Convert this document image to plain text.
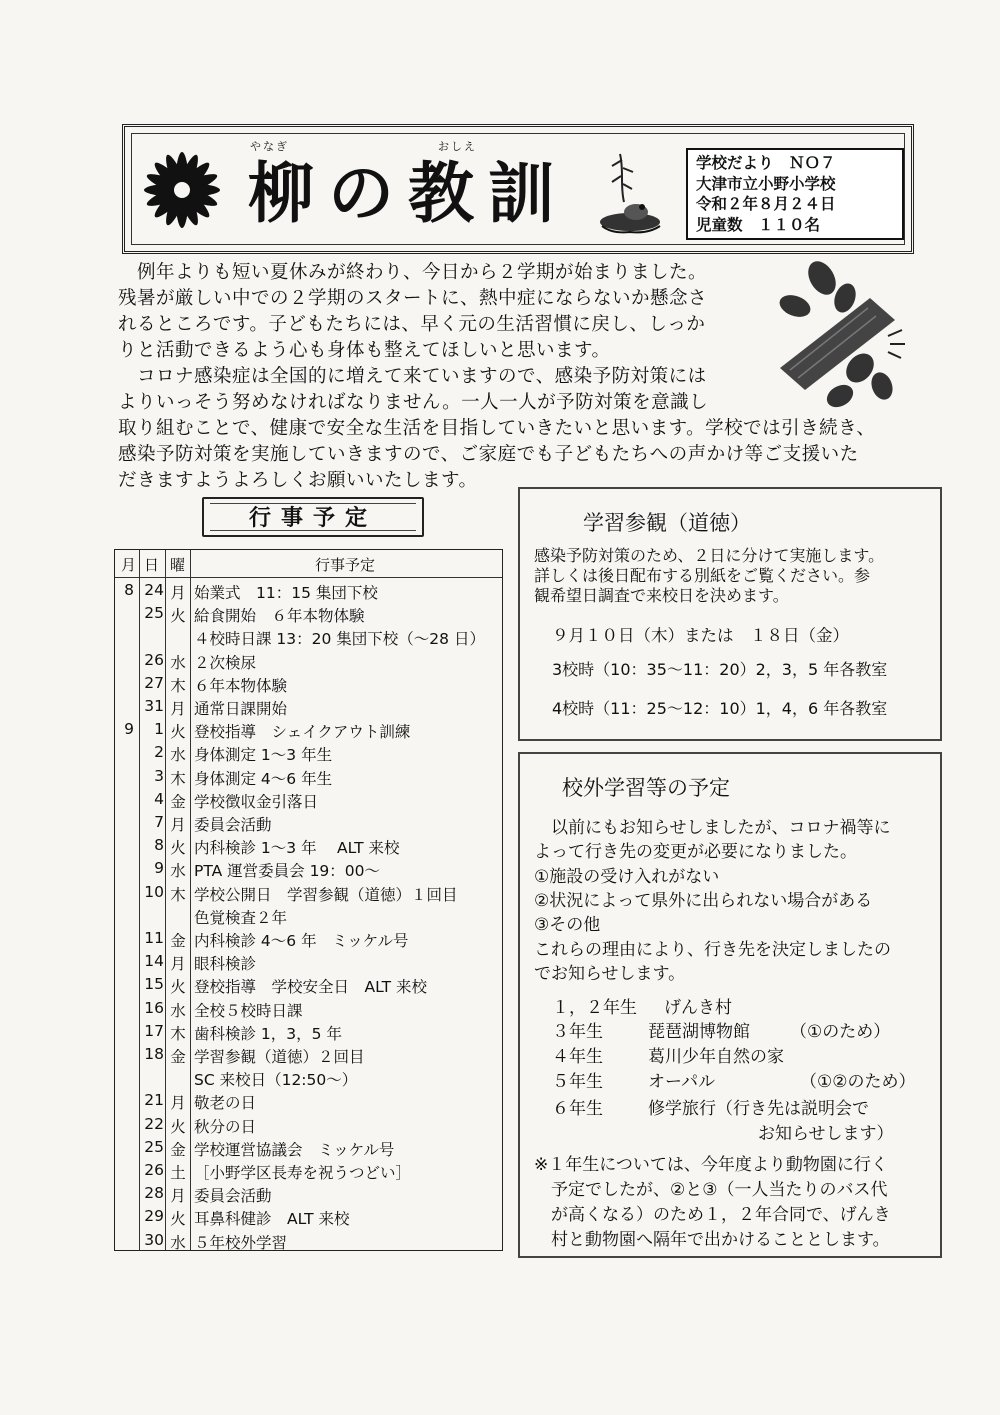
やなぎ	おしえ
柳の教訓	学校だより　ＮＯ７
大津市立小野小学校
令和２年８月２４日
児童数　１１０名
　例年よりも短い夏休みが終わり、今日から２学期が始まりました。
残暑が厳しい中での２学期のスタートに、熱中症にならないか懸念さ
れるところです。子どもたちには、早く元の生活習慣に戻し、しっか
りと活動できるよう心も身体も整えてほしいと思います。
　コロナ感染症は全国的に増えて来ていますので、感染予防対策には
よりいっそう努めなければなりません。一人一人が予防対策を意識し
取り組むことで、健康で安全な生活を目指していきたいと思います。学校では引き続き、
感染予防対策を実施していきますので、ご家庭でも子どもたちへの声かけ等ご支援いた
だきますようよろしくお願いいたします。
行事予定
月 日 曜	行事予定
8 24 月 始業式　11：15 集団下校
25 火 給食開始　６年本物体験
４校時日課 13：20 集団下校（～28 日）
26 水 ２次検尿
27 木 ６年本物体験
31 月 通常日課開始
9	1 火 登校指導　シェイクアウト訓練
2 水 身体測定 1～3 年生
3 木 身体測定 4～6 年生
4 金 学校徴収金引落日
7 月 委員会活動
8 火 内科検診 1～3 年　 ALT 来校
9 水 PTA 運営委員会 19：00～
10 木 学校公開日　学習参観（道徳）１回目
色覚検査２年
11 金 内科検診 4～6 年　ミッケル号
14 月 眼科検診
15 火 登校指導　学校安全日　ALT 来校
16 水 全校５校時日課
17 木 歯科検診 1，3，5 年
18 金 学習参観（道徳）２回目
SC 来校日（12:50～）
21 月 敬老の日
22 火 秋分の日
25 金 学校運営協議会　ミッケル号
26 土 ［小野学区長寿を祝うつどい］
28 月 委員会活動
29 火 耳鼻科健診　ALT 来校
30 水 ５年校外学習
学習参観（道徳）
感染予防対策のため、２日に分けて実施します。
詳しくは後日配布する別紙をご覧ください。参
観希望日調査で来校日を決めます。
９月１０日（木）または　１８日（金）
3校時（10：35～11：20）2，3，5 年各教室
4校時（11：25～12：10）1，4，6 年各教室
校外学習等の予定
　以前にもお知らせしましたが、コロナ禍等に
よって行き先の変更が必要になりました。
①施設の受け入れがない
②状況によって県外に出られない場合がある
③その他
これらの理由により、行き先を決定しましたの
でお知らせします。
１，２年生 げんき村
３年生	琵琶湖博物館 （①のため）
４年生	葛川少年自然の家
５年生	オーパル	（①②のため）
６年生	修学旅行（行き先は説明会で
お知らせします）
※１年生については、今年度より動物園に行く
　予定でしたが、②と③（一人当たりのバス代
　が高くなる）のため１，２年合同で、げんき
　村と動物園へ隔年で出かけることとします。
